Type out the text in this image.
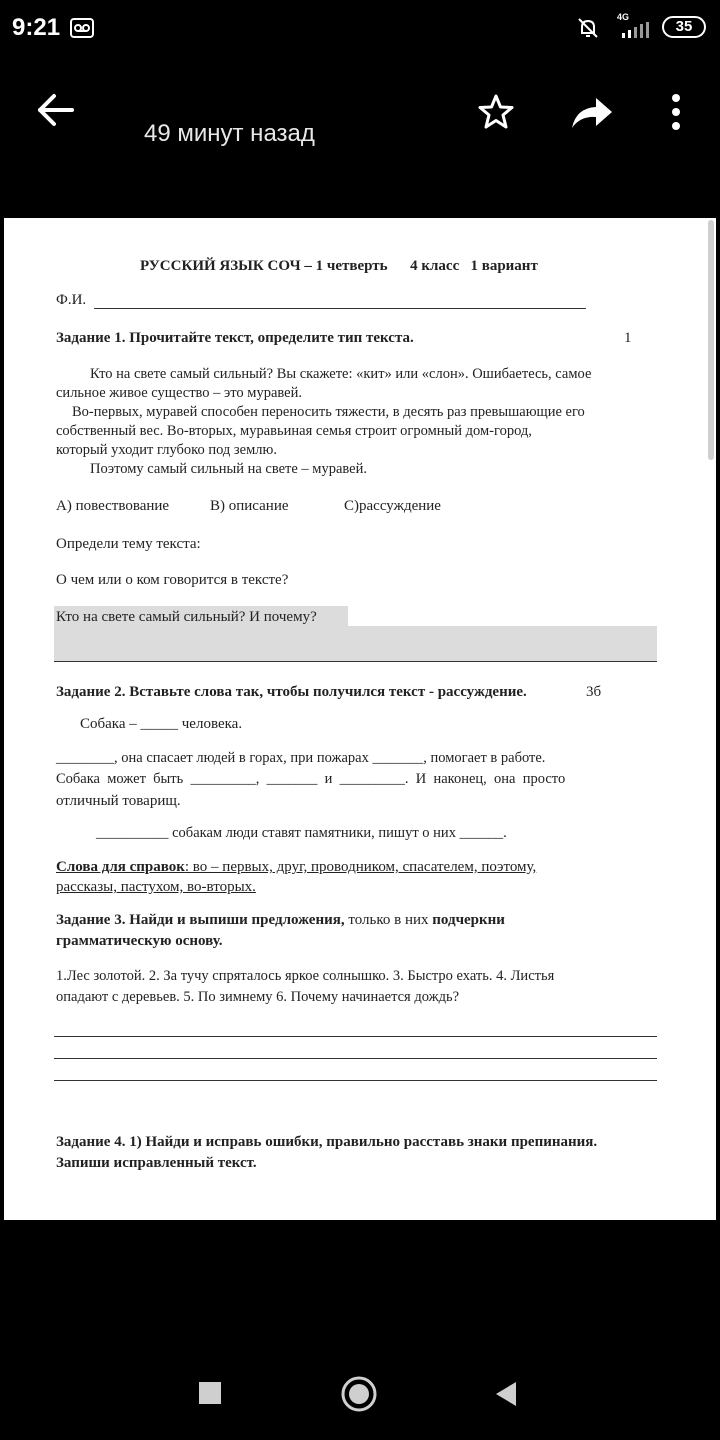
9:21	4G
35
Виктория Влади...
49 минут назад
РУССКИЙ ЯЗЫК СОЧ – 1 четверть      4 класс   1 вариант
Ф.И.
Задание 1. Прочитайте текст, определите тип текста.	1
Кто на свете самый сильный? Вы скажете: «кит» или «слон». Ошибаетесь, самое
сильное живое существо – это муравей.
Во-первых, муравей способен переносить тяжести, в десять раз превышающие его
собственный вес. Во-вторых, муравьиная семья строит огромный дом-город,
который уходит глубоко под землю.
Поэтому самый сильный на свете – муравей.
А) повествование	В) описание	С)рассуждение
Определи тему текста:
О чем или о ком говорится в тексте?
Кто на свете самый сильный? И почему?
Задание 2. Вставьте слова так, чтобы получился текст - рассуждение.	3б
Собака – _____ человека.
________, она спасает людей в горах, при пожарах _______, помогает в работе.
Собака  может  быть  _________,  _______  и  _________.  И  наконец,  она  просто
отличный товарищ.
__________ собакам люди ставят памятники, пишут о них ______.
Слова для справок: во – первых, друг, проводником, спасателем, поэтому,
рассказы, пастухом, во-вторых.
Задание 3. Найди и выпиши предложения, только в них подчеркни
грамматическую основу.
1.Лес золотой. 2. За тучу спряталось яркое солнышко. 3. Быстро ехать. 4. Листья
опадают с деревьев. 5. По зимнему 6. Почему начинается дождь?
Задание 4. 1) Найди и исправь ошибки, правильно расставь знаки препинания.
Запиши исправленный текст.
